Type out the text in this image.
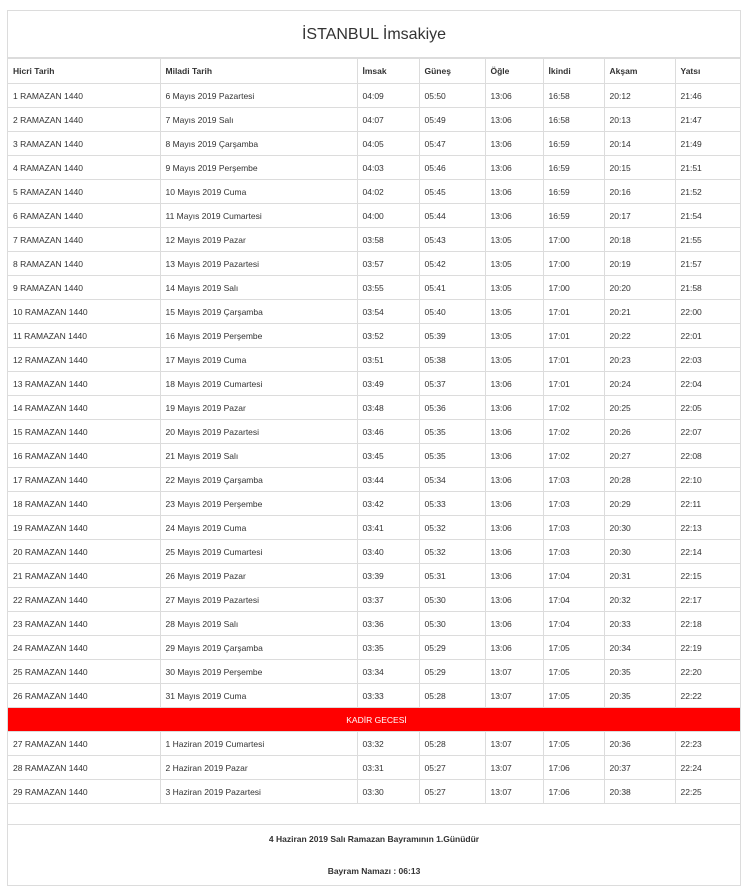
İSTANBUL İmsakiye
Hicri Tarih	Miladi Tarih	İmsak	Güneş	Öğle	İkindi	Akşam	Yatsı
1 RAMAZAN 1440	6 Mayıs 2019 Pazartesi	04:09	05:50	13:06	16:58	20:12	21:46
2 RAMAZAN 1440	7 Mayıs 2019 Salı	04:07	05:49	13:06	16:58	20:13	21:47
3 RAMAZAN 1440	8 Mayıs 2019 Çarşamba	04:05	05:47	13:06	16:59	20:14	21:49
4 RAMAZAN 1440	9 Mayıs 2019 Perşembe	04:03	05:46	13:06	16:59	20:15	21:51
5 RAMAZAN 1440	10 Mayıs 2019 Cuma	04:02	05:45	13:06	16:59	20:16	21:52
6 RAMAZAN 1440	11 Mayıs 2019 Cumartesi	04:00	05:44	13:06	16:59	20:17	21:54
7 RAMAZAN 1440	12 Mayıs 2019 Pazar	03:58	05:43	13:05	17:00	20:18	21:55
8 RAMAZAN 1440	13 Mayıs 2019 Pazartesi	03:57	05:42	13:05	17:00	20:19	21:57
9 RAMAZAN 1440	14 Mayıs 2019 Salı	03:55	05:41	13:05	17:00	20:20	21:58
10 RAMAZAN 1440	15 Mayıs 2019 Çarşamba	03:54	05:40	13:05	17:01	20:21	22:00
11 RAMAZAN 1440	16 Mayıs 2019 Perşembe	03:52	05:39	13:05	17:01	20:22	22:01
12 RAMAZAN 1440	17 Mayıs 2019 Cuma	03:51	05:38	13:05	17:01	20:23	22:03
13 RAMAZAN 1440	18 Mayıs 2019 Cumartesi	03:49	05:37	13:06	17:01	20:24	22:04
14 RAMAZAN 1440	19 Mayıs 2019 Pazar	03:48	05:36	13:06	17:02	20:25	22:05
15 RAMAZAN 1440	20 Mayıs 2019 Pazartesi	03:46	05:35	13:06	17:02	20:26	22:07
16 RAMAZAN 1440	21 Mayıs 2019 Salı	03:45	05:35	13:06	17:02	20:27	22:08
17 RAMAZAN 1440	22 Mayıs 2019 Çarşamba	03:44	05:34	13:06	17:03	20:28	22:10
18 RAMAZAN 1440	23 Mayıs 2019 Perşembe	03:42	05:33	13:06	17:03	20:29	22:11
19 RAMAZAN 1440	24 Mayıs 2019 Cuma	03:41	05:32	13:06	17:03	20:30	22:13
20 RAMAZAN 1440	25 Mayıs 2019 Cumartesi	03:40	05:32	13:06	17:03	20:30	22:14
21 RAMAZAN 1440	26 Mayıs 2019 Pazar	03:39	05:31	13:06	17:04	20:31	22:15
22 RAMAZAN 1440	27 Mayıs 2019 Pazartesi	03:37	05:30	13:06	17:04	20:32	22:17
23 RAMAZAN 1440	28 Mayıs 2019 Salı	03:36	05:30	13:06	17:04	20:33	22:18
24 RAMAZAN 1440	29 Mayıs 2019 Çarşamba	03:35	05:29	13:06	17:05	20:34	22:19
25 RAMAZAN 1440	30 Mayıs 2019 Perşembe	03:34	05:29	13:07	17:05	20:35	22:20
26 RAMAZAN 1440	31 Mayıs 2019 Cuma	03:33	05:28	13:07	17:05	20:35	22:22
KADİR GECESİ							
27 RAMAZAN 1440	1 Haziran 2019 Cumartesi	03:32	05:28	13:07	17:05	20:36	22:23
28 RAMAZAN 1440	2 Haziran 2019 Pazar	03:31	05:27	13:07	17:06	20:37	22:24
29 RAMAZAN 1440	3 Haziran 2019 Pazartesi	03:30	05:27	13:07	17:06	20:38	22:25
4 Haziran 2019 Salı Ramazan Bayramının 1.Günüdür
Bayram Namazı : 06:13
